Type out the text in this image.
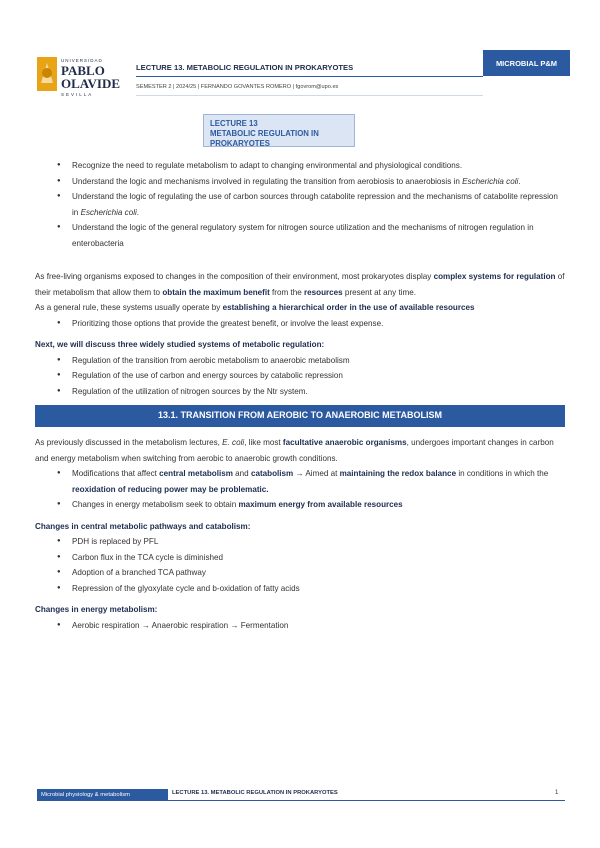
UNIVERSIDAD
PABLO
OLAVIDE
SEVILLA
LECTURE 13. METABOLIC REGULATION IN PROKARYOTES
SEMESTER 2 | 2024/25 | FERNANDO GOVANTES ROMERO | fgovrom@upo.es
MICROBIAL P&M
LECTURE 13
METABOLIC REGULATION IN PROKARYOTES
● Recognize the need to regulate metabolism to adapt to changing environmental and physiological conditions.
● Understand the logic and mechanisms involved in regulating the transition from aerobiosis to anaerobiosis in Escherichia coli.
● Understand the logic of regulating the use of carbon sources through catabolite repression and the mechanisms of catabolite repression in Escherichia coli.
● Understand the logic of the general regulatory system for nitrogen source utilization and the mechanisms of nitrogen regulation in enterobacteria

As free-living organisms exposed to changes in the composition of their environment, most prokaryotes display complex systems for regulation of their metabolism that allow them to obtain the maximum benefit from the resources present at any time.

As a general rule, these systems usually operate by establishing a hierarchical order in the use of available resources

● Prioritizing those options that provide the greatest benefit, or involve the least expense.

Next, we will discuss three widely studied systems of metabolic regulation:

● Regulation of the transition from aerobic metabolism to anaerobic metabolism
● Regulation of the use of carbon and energy sources by catabolic repression
● Regulation of the utilization of nitrogen sources by the Ntr system.
13.1. TRANSITION FROM AEROBIC TO ANAEROBIC METABOLISM

As previously discussed in the metabolism lectures, E. coli, like most facultative anaerobic organisms, undergoes important changes in carbon and energy metabolism when switching from aerobic to anaerobic growth conditions.

● Modifications that affect central metabolism and catabolism → Aimed at maintaining the redox balance in conditions in which the reoxidation of reducing power may be problematic.
● Changes in energy metabolism seek to obtain maximum energy from available resources

Changes in central metabolic pathways and catabolism:

● PDH is replaced by PFL
● Carbon flux in the TCA cycle is diminished
● Adoption of a branched TCA pathway
● Repression of the glyoxylate cycle and b-oxidation of fatty acids

Changes in energy metabolism:

● Aerobic respiration → Anaerobic respiration → Fermentation
Microbial physiology & metabolism	LECTURE 13. METABOLIC REGULATION IN PROKARYOTES	1
